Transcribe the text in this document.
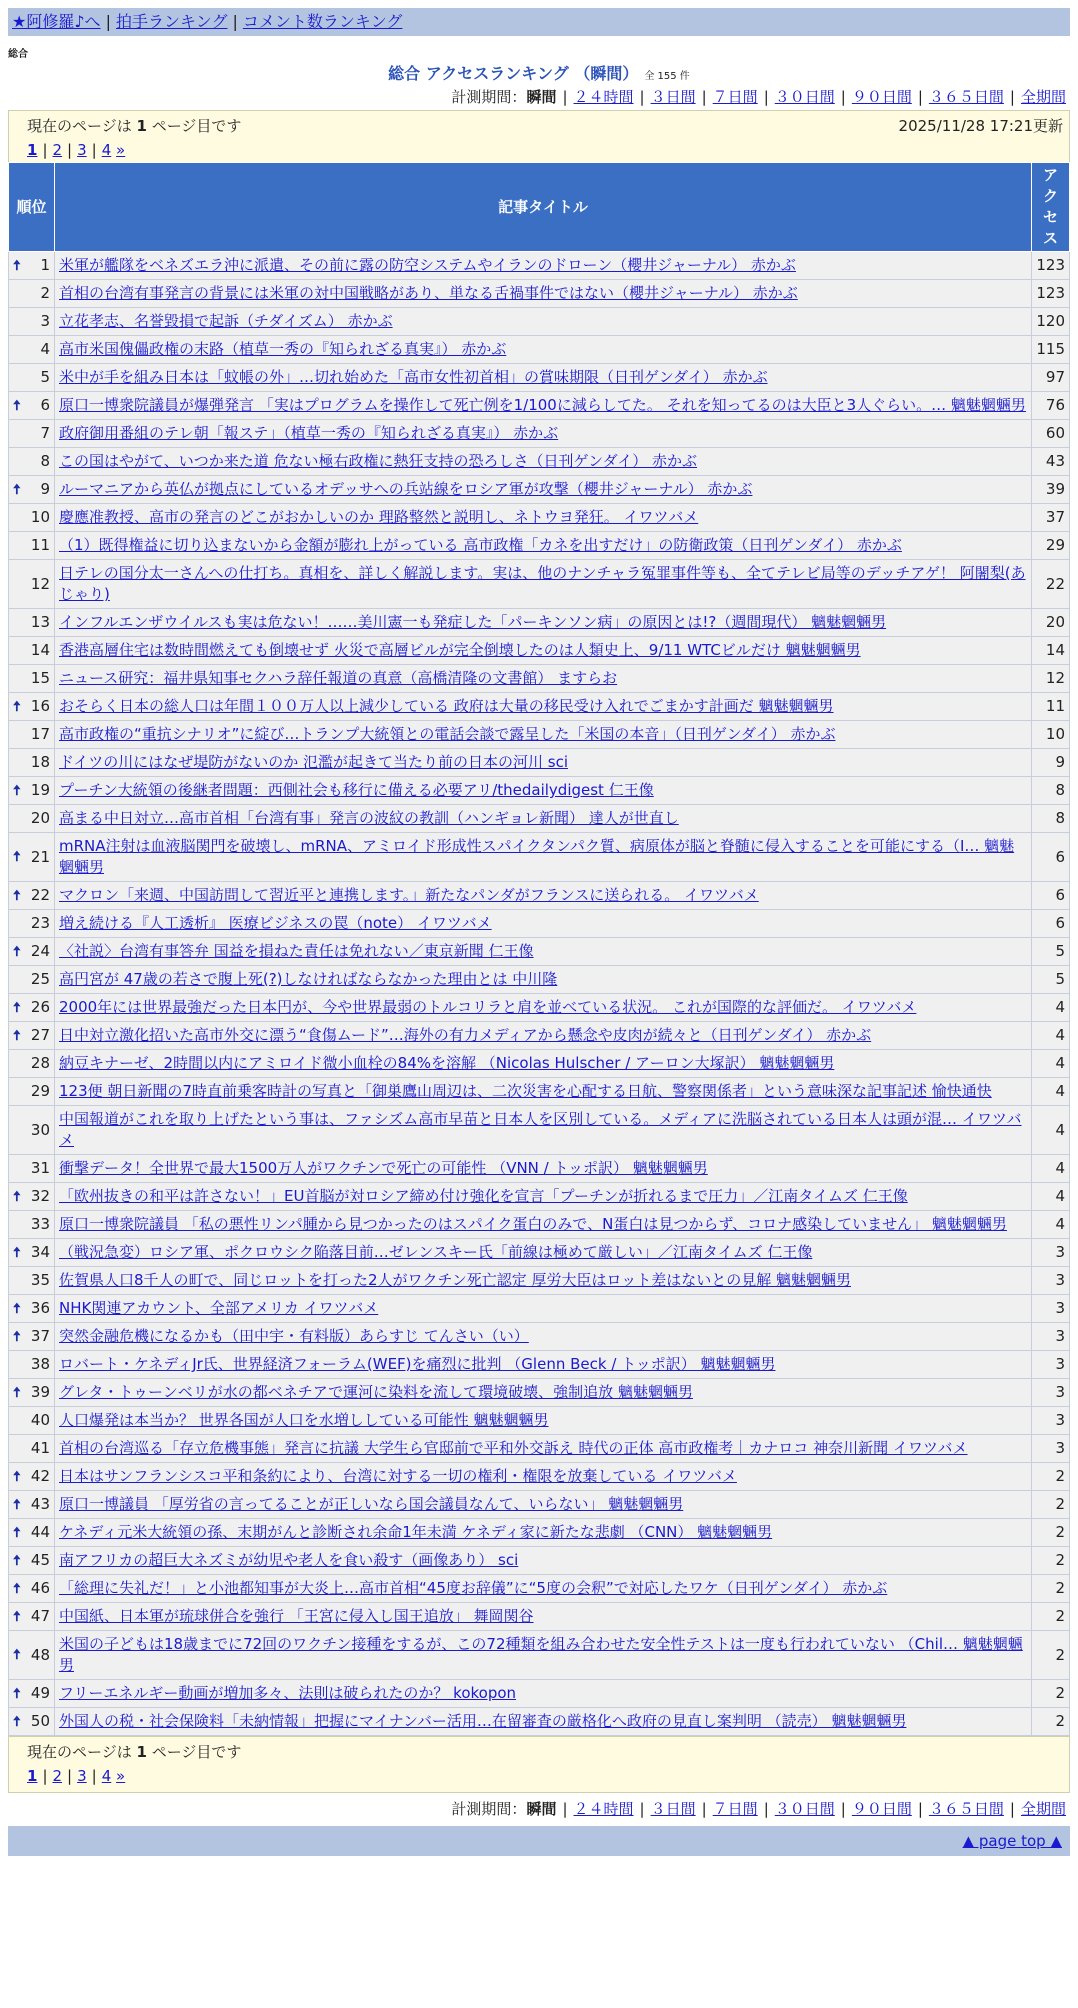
★阿修羅♪へ | 拍手ランキング | コメント数ランキング
総合
総合 アクセスランキング （瞬間） 全 155 件
計測期間：瞬間 | ２４時間 | ３日間 | ７日間 | ３０日間 | ９０日間 | ３６５日間 | 全期間
現在のページは 1 ページ目です	2025/11/28 17:21更新
1 | 2 | 3 | 4 »
順位	記事タイトル	アクセス

🠅 1	米軍が艦隊をベネズエラ沖に派遣、その前に露の防空システムやイランのドローン（櫻井ジャーナル） 赤かぶ	123
2	首相の台湾有事発言の背景には米軍の対中国戦略があり、単なる舌禍事件ではない（櫻井ジャーナル） 赤かぶ	123
3	立花孝志、名誉毀損で起訴（チダイズム） 赤かぶ	120
4	高市米国傀儡政権の末路（植草一秀の『知られざる真実』） 赤かぶ	115
5	米中が手を組み日本は「蚊帳の外」…切れ始めた「高市女性初首相」の賞味期限（日刊ゲンダイ） 赤かぶ	97

🠅 6	原口一博衆院議員が爆弾発言 「実はプログラムを操作して死亡例を1/100に減らしてた。 それを知ってるのは大臣と3人ぐらい。… 魑魅魍魎男	76
7	政府御用番組のテレ朝「報ステ」（植草一秀の『知られざる真実』） 赤かぶ	60
8	この国はやがて、いつか来た道 危ない極右政権に熱狂支持の恐ろしさ（日刊ゲンダイ） 赤かぶ	43

🠅 9	ルーマニアから英仏が拠点にしているオデッサへの兵站線をロシア軍が攻撃（櫻井ジャーナル） 赤かぶ	39
10	慶應准教授、高市の発言のどこがおかしいのか 理路整然と説明し、ネトウヨ発狂。 イワツバメ	37
11	（1）既得権益に切り込まないから金額が膨れ上がっている 高市政権「カネを出すだけ」の防衛政策（日刊ゲンダイ） 赤かぶ	29
12	日テレの国分太一さんへの仕打ち。真相を、詳しく解説します。実は、他のナンチャラ冤罪事件等も、全てテレビ局等のデッチアゲ！ 阿闍梨(あじゃり)	22
13	インフルエンザウイルスも実は危ない！……美川憲一も発症した「パーキンソン病」の原因とは!?（週間現代） 魑魅魍魎男	20
14	香港高層住宅は数時間燃えても倒壊せず 火災で高層ビルが完全倒壊したのは人類史上、9/11 WTCビルだけ 魑魅魍魎男	14
15	ニュース研究：福井県知事セクハラ辞任報道の真意（高橋清隆の文書館） ますらお	12

🠅 16	おそらく日本の総人口は年間１００万人以上減少している 政府は大量の移民受け入れでごまかす計画だ 魑魅魍魎男	11
17	高市政権の“重抗シナリオ”に綻び…トランプ大統領との電話会談で露呈した「米国の本音」（日刊ゲンダイ） 赤かぶ	10
18	ドイツの川にはなぜ堤防がないのか 氾濫が起きて当たり前の日本の河川 sci	9

🠅 19	プーチン大統領の後継者問題：西側社会も移行に備える必要アリ/thedailydigest 仁王像	8
20	高まる中日対立…高市首相「台湾有事」発言の波紋の教訓（ハンギョレ新聞） 達人が世直し	8

🠅 21	mRNA注射は血液脳関門を破壊し、mRNA、アミロイド形成性スパイクタンパク質、病原体が脳と脊髄に侵入することを可能にする（I… 魑魅魍魎男	6

🠅 22	マクロン「来週、中国訪問して習近平と連携します。」新たなパンダがフランスに送られる。 イワツバメ	6
23	増え続ける『人工透析』 医療ビジネスの罠（note） イワツバメ	6

🠅 24	〈社説〉台湾有事答弁 国益を損ねた責任は免れない／東京新聞 仁王像	5
25	高円宮が 47歳の若さで腹上死(?)しなければならなかった理由とは 中川隆	5

🠅 26	2000年には世界最強だった日本円が、今や世界最弱のトルコリラと肩を並べている状況。 これが国際的な評価だ。 イワツバメ	4

🠅 27	日中対立激化招いた高市外交に漂う“食傷ムード”…海外の有力メディアから懸念や皮肉が続々と（日刊ゲンダイ） 赤かぶ	4
28	納豆キナーゼ、2時間以内にアミロイド微小血栓の84%を溶解 （Nicolas Hulscher / アーロン大塚訳） 魑魅魍魎男	4
29	123便 朝日新聞の7時直前乗客時計の写真と「御巣鷹山周辺は、二次災害を心配する日航、警察関係者」という意味深な記事記述 愉快通快	4
30	中国報道がこれを取り上げたという事は、ファシズム高市早苗と日本人を区別している。メディアに洗脳されている日本人は頭が混… イワツバメ	4
31	衝撃データ！全世界で最大1500万人がワクチンで死亡の可能性 （VNN / トッポ訳） 魑魅魍魎男	4

🠅 32	「欧州抜きの和平は許さない！」EU首脳が対ロシア締め付け強化を宣言「プーチンが折れるまで圧力」／江南タイムズ 仁王像	4
33	原口一博衆院議員 「私の悪性リンパ腫から見つかったのはスパイク蛋白のみで、N蛋白は見つからず、コロナ感染していません」 魑魅魍魎男	4

🠅 34	（戦況急変）ロシア軍、ポクロウシク陥落目前…ゼレンスキー氏「前線は極めて厳しい」／江南タイムズ 仁王像	3
35	佐賀県人口8千人の町で、同じロットを打った2人がワクチン死亡認定 厚労大臣はロット差はないとの見解 魑魅魍魎男	3

🠅 36	NHK関連アカウント、全部アメリカ イワツバメ	3

🠅 37	突然金融危機になるかも（田中宇・有料版）あらすじ てんさい（い）	3
38	ロバート・ケネディJr氏、世界経済フォーラム(WEF)を痛烈に批判 （Glenn Beck / トッポ訳） 魑魅魍魎男	3

🠅 39	グレタ・トゥーンベリが水の都ベネチアで運河に染料を流して環境破壊、強制追放 魑魅魍魎男	3
40	人口爆発は本当か？ 世界各国が人口を水増ししている可能性 魑魅魍魎男	3
41	首相の台湾巡る「存立危機事態」発言に抗議 大学生ら官邸前で平和外交訴え 時代の正体 高市政権考｜カナロコ 神奈川新聞 イワツバメ	3

🠅 42	日本はサンフランシスコ平和条約により、台湾に対する一切の権利・権限を放棄している イワツバメ	2

🠅 43	原口一博議員 「厚労省の言ってることが正しいなら国会議員なんて、いらない」 魑魅魍魎男	2

🠅 44	ケネディ元米大統領の孫、末期がんと診断され余命1年未満 ケネディ家に新たな悲劇 （CNN） 魑魅魍魎男	2

🠅 45	南アフリカの超巨大ネズミが幼児や老人を食い殺す（画像あり） sci	2

🠅 46	「総理に失礼だ！」と小池都知事が大炎上…高市首相“45度お辞儀”に“5度の会釈”で対応したワケ（日刊ゲンダイ） 赤かぶ	2

🠅 47	中国紙、日本軍が琉球併合を強行 「王宮に侵入し国王追放」 舞岡関谷	2

🠅 48	米国の子どもは18歳までに72回のワクチン接種をするが、この72種類を組み合わせた安全性テストは一度も行われていない （Chil… 魑魅魍魎男	2

🠅 49	フリーエネルギー動画が増加多々、法則は破られたのか？ kokopon	2

🠅 50	外国人の税・社会保険料「未納情報」把握にマイナンバー活用…在留審査の厳格化へ政府の見直し案判明 （読売） 魑魅魍魎男	2
現在のページは 1 ページ目です
1 | 2 | 3 | 4 »
計測期間：瞬間 | ２４時間 | ３日間 | ７日間 | ３０日間 | ９０日間 | ３６５日間 | 全期間
▲ page top ▲
